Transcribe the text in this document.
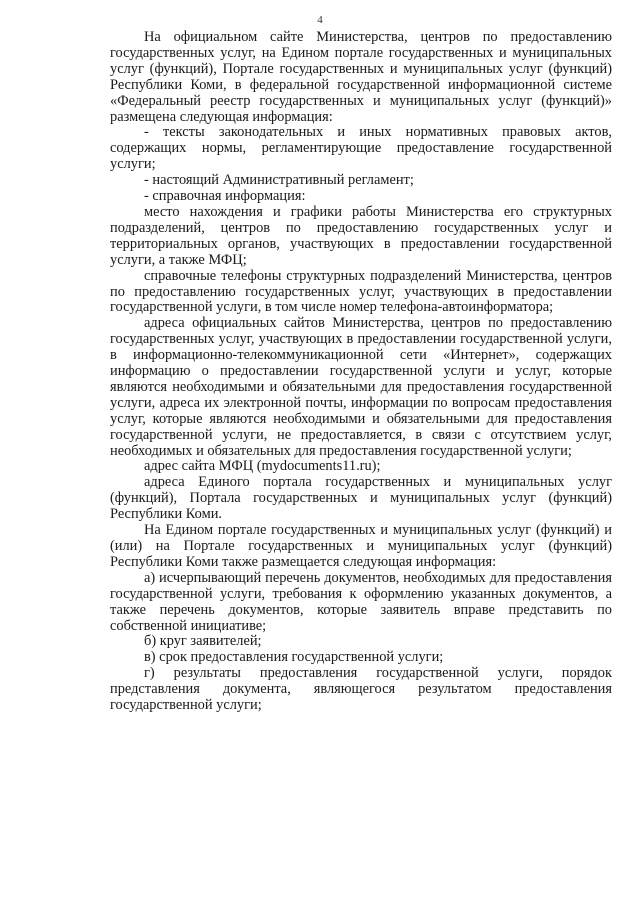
4

На официальном сайте Министерства, центров по предоставлению государственных услуг, на Едином портале государственных и муниципальных услуг (функций), Портале государственных и муниципальных услуг (функций) Республики Коми, в федеральной государственной информационной системе «Федеральный реестр государственных и муниципальных услуг (функций)» размещена следующая информация:

- тексты законодательных и иных нормативных правовых актов, содержащих нормы, регламентирующие предоставление государственной услуги;

- настоящий Административный регламент;

- справочная информация:

место нахождения и графики работы Министерства его структурных подразделений, центров по предоставлению государственных услуг и территориальных органов, участвующих в предоставлении государственной услуги, а также МФЦ;

справочные телефоны структурных подразделений Министерства, центров по предоставлению государственных услуг, участвующих в предоставлении государственной услуги, в том числе номер телефона-автоинформатора;

адреса официальных сайтов Министерства, центров по предоставлению государственных услуг, участвующих в предоставлении государственной услуги, в информационно-телекоммуникационной сети «Интернет», содержащих информацию о предоставлении государственной услуги и услуг, которые являются необходимыми и обязательными для предоставления государственной услуги, адреса их электронной почты, информации по вопросам предоставления услуг, которые являются необходимыми и обязательными для предоставления государственной услуги, не предоставляется, в связи с отсутствием услуг, необходимых и обязательных для предоставления государственной услуги;

адрес сайта МФЦ (mydocuments11.ru);

адреса Единого портала государственных и муниципальных услуг (функций), Портала государственных и муниципальных услуг (функций) Республики Коми.

На Едином портале государственных и муниципальных услуг (функций) и (или) на Портале государственных и муниципальных услуг (функций) Республики Коми также размещается следующая информация:

а) исчерпывающий перечень документов, необходимых для предоставления государственной услуги, требования к оформлению указанных документов, а также перечень документов, которые заявитель вправе представить по собственной инициативе;

б) круг заявителей;

в) срок предоставления государственной услуги;

г) результаты предоставления государственной услуги, порядок представления документа, являющегося результатом предоставления государственной услуги;
